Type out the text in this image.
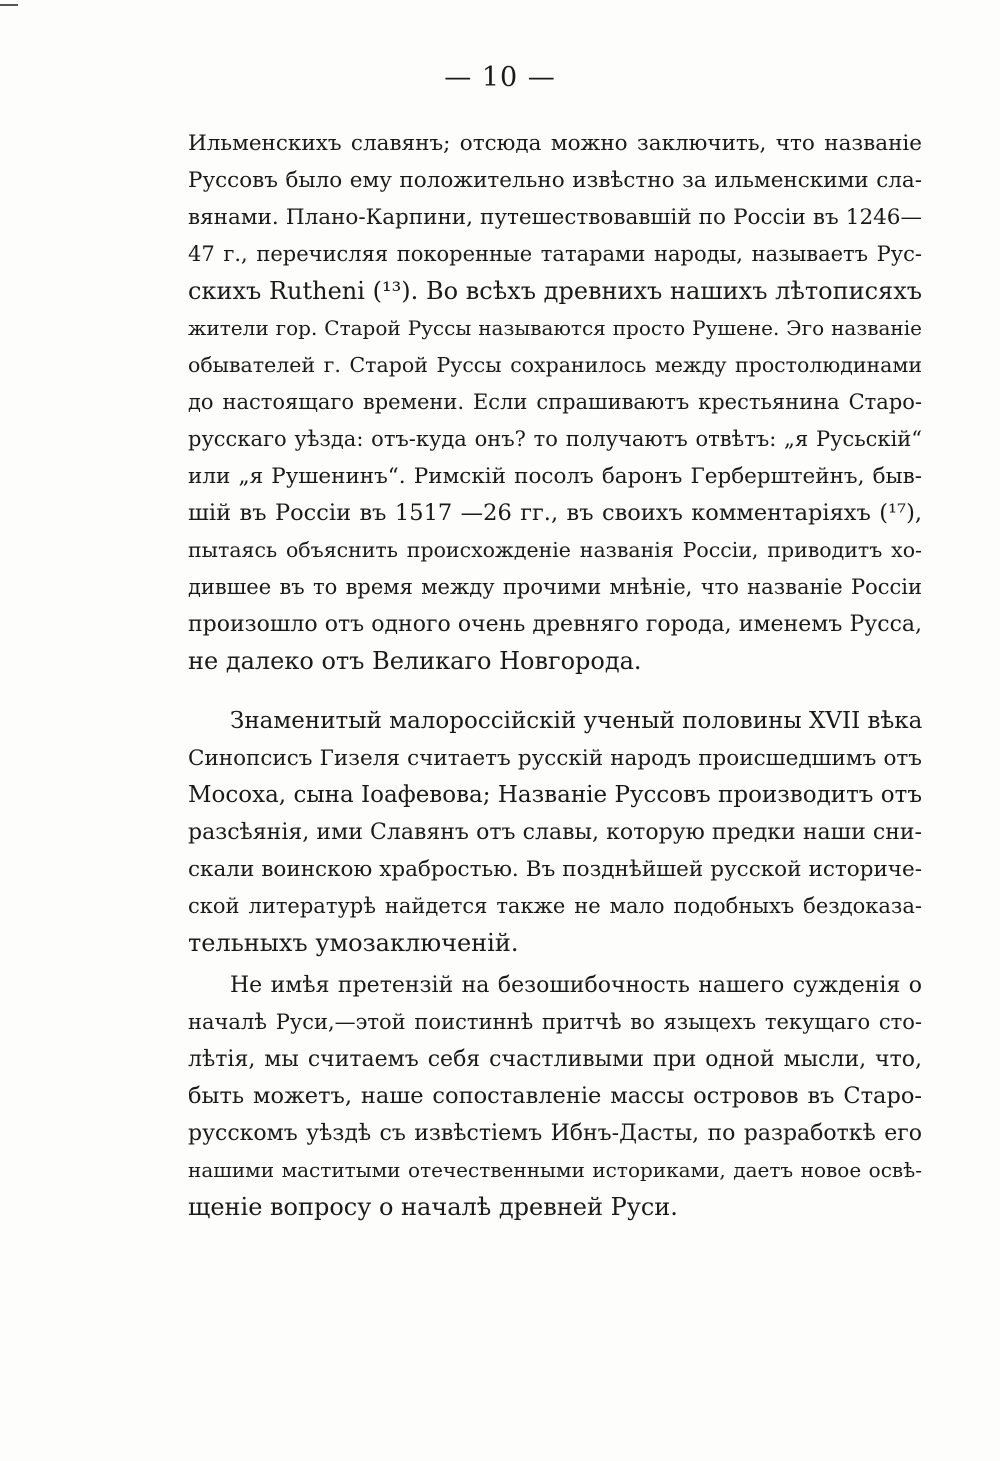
— 10 —
Ильменскихъ славянъ; отсюда можно заключить, что названіе
Руссовъ было ему положительно извѣстно за ильменскими сла-
вянами. Плано-Карпини, путешествовавшій по Россіи въ 1246—
47 г., перечисляя покоренные татарами народы, называетъ Рус-
скихъ Ruthеni (¹³). Во всѣхъ древнихъ нашихъ лѣтописяхъ
жители гор. Старой Руссы называются просто Рушене. Эго названіе
обывателей г. Старой Руссы сохранилось между простолюдинами
до настоящаго времени. Если спрашиваютъ крестьянина Старо-
русскаго уѣзда: отъ-куда онъ? то получаютъ отвѣтъ: „я Русьскій“
или „я Рушенинъ“. Римскій посолъ баронъ Герберштейнъ, быв-
шій въ Россіи въ 1517 —26 гг., въ своихъ комментаріяхъ (¹⁷),
пытаясь объяснить происхожденіе названія Россіи, приводитъ хо-
дившее въ то время между прочими мнѣніе, что названіе Россіи
произошло отъ одного очень древняго города, именемъ Русса,
не далеко отъ Великаго Новгорода.
Знаменитый малороссійскій ученый половины XVII вѣка
Синопсисъ Гизеля считаетъ русскій народъ происшедшимъ отъ
Мосоха, сына Іоафевова; Названіе Руссовъ производитъ отъ
разсѣянія, ими Славянъ отъ славы, которую предки наши сни-
скали воинскою храбростью. Въ позднѣйшей русской историче-
ской литературѣ найдется также не мало подобныхъ бездоказа-
тельныхъ умозаключеній.
Не имѣя претензій на безошибочность нашего сужденія о
началѣ Руси,—этой поистиннѣ притчѣ во языцехъ текущаго сто-
лѣтія, мы считаемъ себя счастливыми при одной мысли, что,
быть можетъ, наше сопоставленіе массы островов въ Старо-
русскомъ уѣздѣ съ извѣстіемъ Ибнъ-Дасты, по разработкѣ его
нашими маститыми отечественными историками, даетъ новое освѣ-
щеніе вопросу о началѣ древней Руси.
